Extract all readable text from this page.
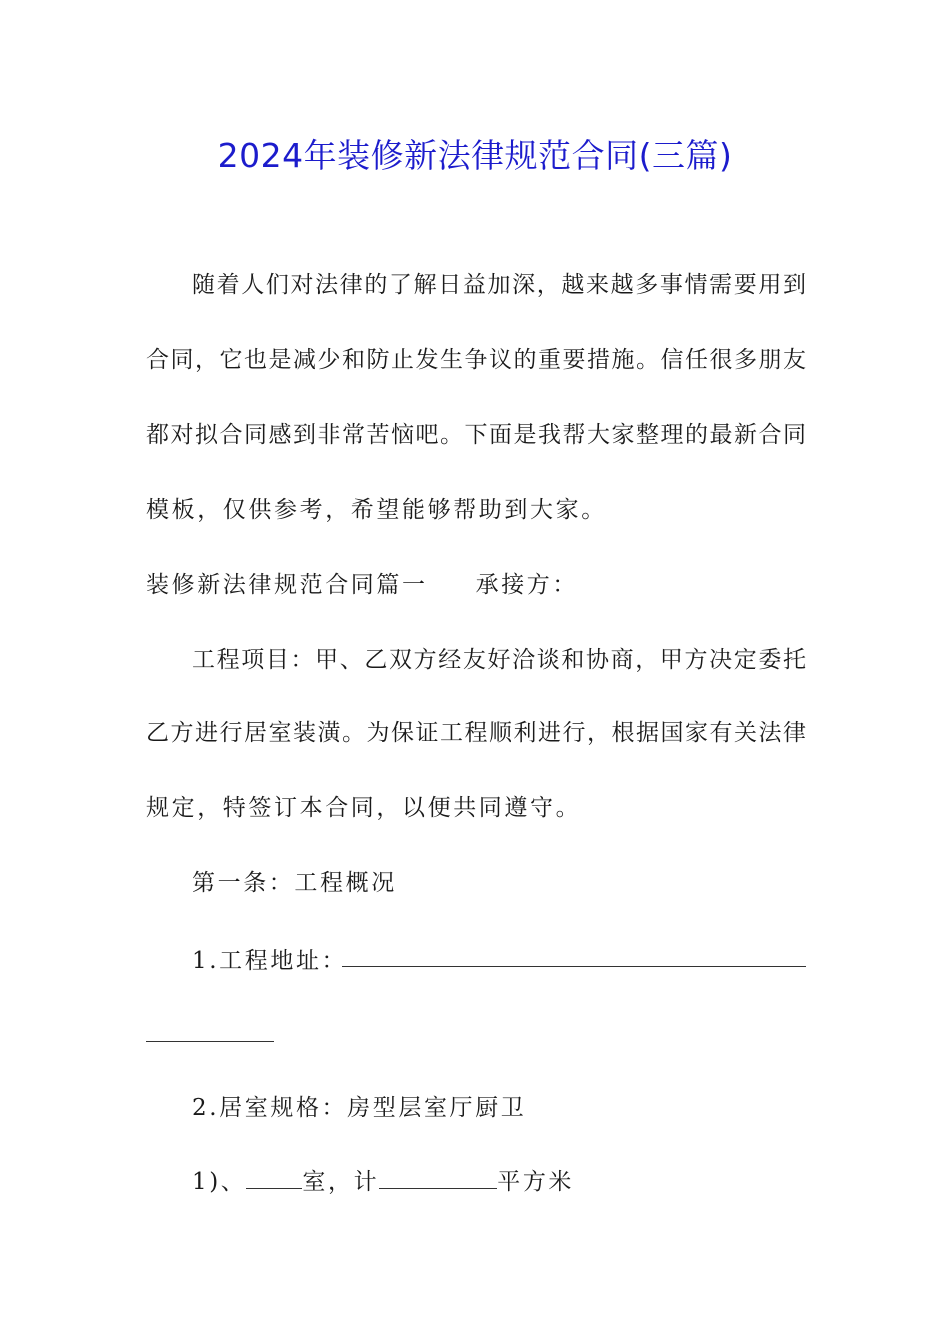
2024年装修新法律规范合同(三篇)
随着人们对法律的了解日益加深，越来越多事情需要用到
合同，它也是减少和防止发生争议的重要措施。信任很多朋友
都对拟合同感到非常苦恼吧。下面是我帮大家整理的最新合同
模板，仅供参考，希望能够帮助到大家。
装修新法律规范合同篇一 承接方：
工程项目：甲、乙双方经友好洽谈和协商，甲方决定委托
乙方进行居室装潢。为保证工程顺利进行，根据国家有关法律
规定，特签订本合同，以便共同遵守。
第一条：工程概况
1.工程地址：
2.居室规格：房型层室厅厨卫
1)、 室，计	平方米
